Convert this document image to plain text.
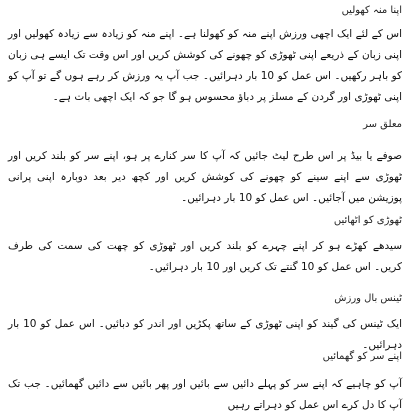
اپنا منہ کھولیں

اس کے لئے ایک اچھی ورزش اپنے منہ کو کھولنا ہے۔ اپنے منہ کو زیادہ سے زیادہ کھولیں اور اپنی زبان کے ذریعے اپنی ٹھوڑی کو چھونے کی کوشش کریں اور اس وقت تک ایسے ہی زبان کو باہر رکھیں۔ اس عمل کو 10 بار دہرائیں۔ جب آپ یہ ورزش کر رہے ہوں گے تو آپ کو اپنی ٹھوڑی اور گردن کے مسلز پر دباؤ محسوس ہو گا جو کہ ایک اچھی بات ہے۔

معلق سر

صوفے یا بیڈ پر اس طرح لیٹ جائیں کہ آپ کا سر کنارے پر ہو، اپنے سر کو بلند کریں اور ٹھوڑی سے اپنے سینے کو چھونے کی کوشش کریں اور کچھ دیر بعد دوبارہ اپنی پرانی پوزیشن میں آجائیں۔ اس عمل کو 10 بار دہرائیں۔

ٹھوڑی کو اٹھائیں

سیدھے کھڑے ہو کر اپنے چہرے کو بلند کریں اور ٹھوڑی کو چھت کی سمت کی طرف کریں۔ اس عمل کو 10 گنتے تک کریں اور 10 بار دہرائیں۔

ٹینس بال ورزش

ایک ٹینس کی گیند کو اپنی ٹھوڑی کے ساتھ پکڑیں اور اندر کو دبائیں۔ اس عمل کو 10 بار دہرائیں۔

اپنے سر کو گھمائیں

آپ کو چاہیے کہ اپنے سر کو پہلے دائیں سے بائیں اور پھر بائیں سے دائیں گھمائیں۔ جب تک آپ کا دل کرے اس عمل کو دہراتے رہیں
